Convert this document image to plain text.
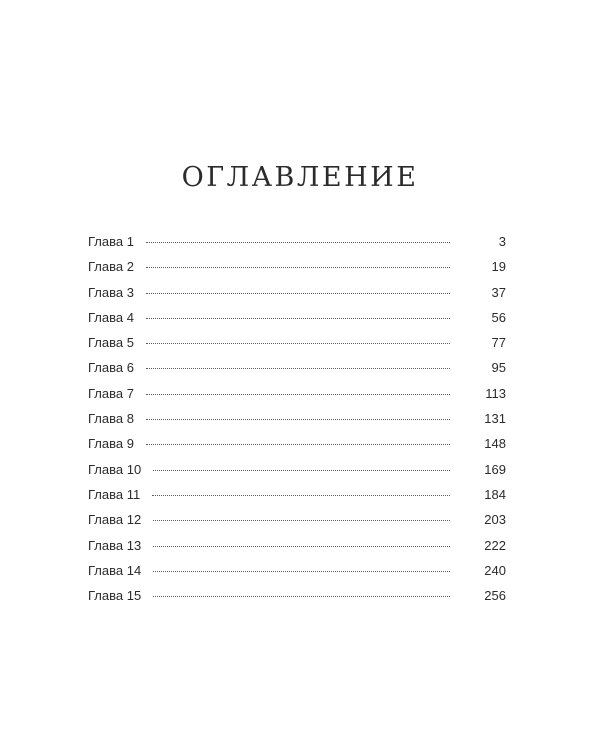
ОГЛАВЛЕНИЕ
Глава 1	3
Глава 2	19
Глава 3	37
Глава 4	56
Глава 5	77
Глава 6	95
Глава 7	113
Глава 8	131
Глава 9	148
Глава 10	169
Глава 11	184
Глава 12	203
Глава 13	222
Глава 14	240
Глава 15	256
